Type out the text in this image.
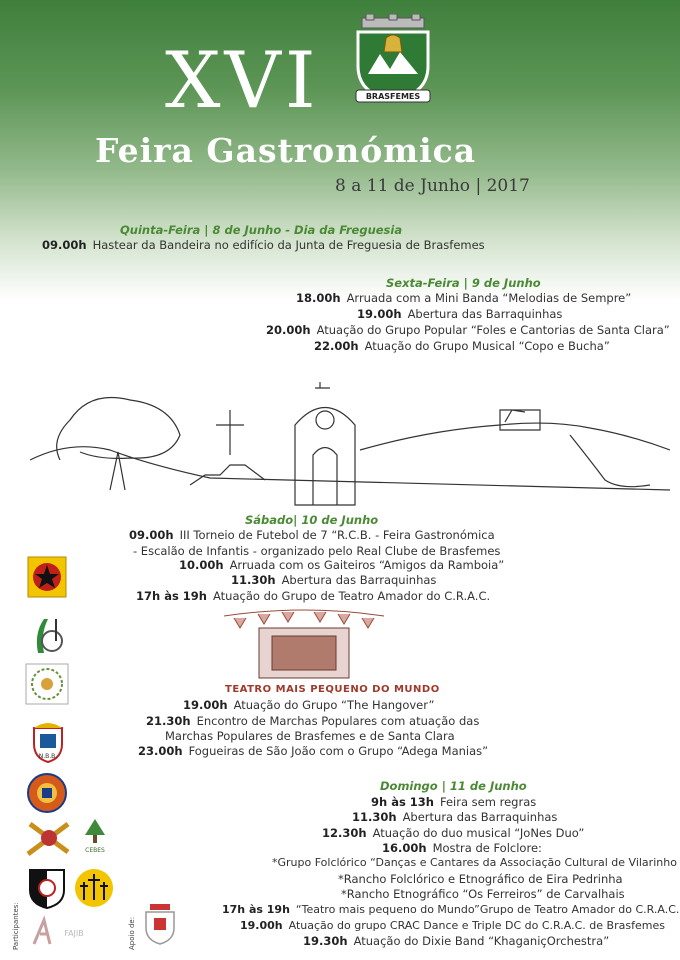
BRASFEMES
XVI
Feira Gastronómica
8 a 11 de Junho | 2017
Quinta-Feira | 8 de Junho - Dia da Freguesia
09.00h Hastear da Bandeira no edifício da Junta de Freguesia de Brasfemes
Sexta-Feira | 9 de Junho
18.00h Arruada com a Mini Banda “Melodias de Sempre”
19.00h Abertura das Barraquinhas
20.00h Atuação do Grupo Popular “Foles e Cantorias de Santa Clara”
22.00h Atuação do Grupo Musical “Copo e Bucha”
Sábado| 10 de Junho
09.00h III Torneio de Futebol de 7 “R.C.B. - Feira Gastronómica
- Escalão de Infantis - organizado pelo Real Clube de Brasfemes
10.00h Arruada com os Gaiteiros “Amigos da Ramboia”
11.30h Abertura das Barraquinhas
17h às 19h Atuação do Grupo de Teatro Amador do C.R.A.C.
TEATRO MAIS PEQUENO DO MUNDO
19.00h Atuação do Grupo “The Hangover”
21.30h Encontro de Marchas Populares com atuação das
Marchas Populares de Brasfemes e de Santa Clara
23.00h Fogueiras de São João com o Grupo “Adega Manias”
Domingo | 11 de Junho
9h às 13h Feira sem regras
11.30h Abertura das Barraquinhas
12.30h Atuação do duo musical “JoNes Duo”
16.00h Mostra de Folclore:
*Grupo Folclórico “Danças e Cantares da Associação Cultural de Vilarinho
*Rancho Folclórico e Etnográfico de Eira Pedrinha
*Rancho Etnográfico “Os Ferreiros” de Carvalhais
17h às 19h “Teatro mais pequeno do Mundo”Grupo de Teatro Amador do C.R.A.C.
19.00h Atuação do grupo CRAC Dance e Triple DC do C.R.A.C. de Brasfemes
19.30h Atuação do Dixie Band “KhaganiçOrchestra”
N.B.B.
CEBES
FAJIB
Participantes:	Apoio de:
